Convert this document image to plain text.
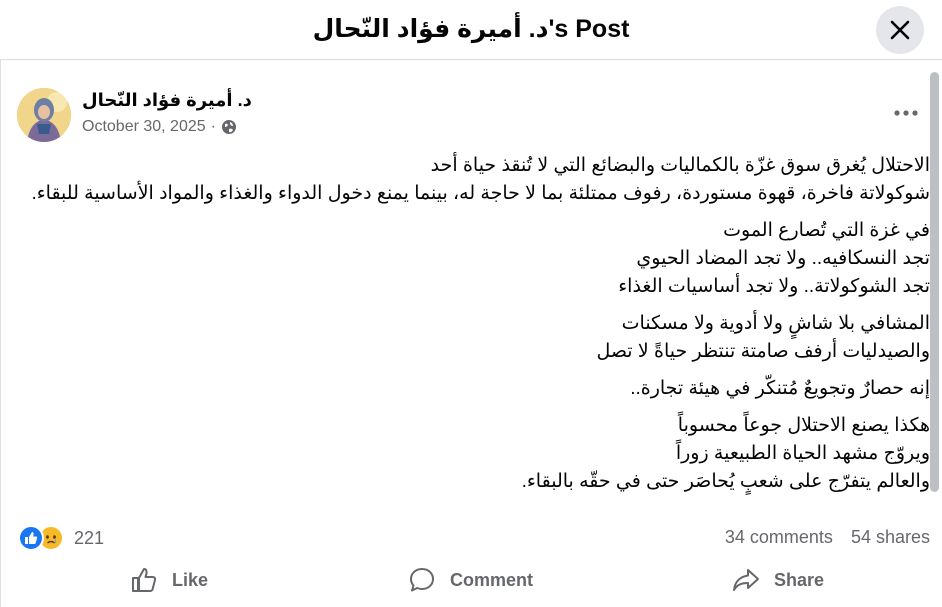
د. أميرة فؤاد النّحال's Post
د. أميرة فؤاد النّحال
October 30, 2025 ·
الاحتلال يُغرق سوق غزّة بالكماليات والبضائع التي لا تُنقذ حياة أحد
شوكولاتة فاخرة، قهوة مستوردة، رفوف ممتلئة بما لا حاجة له، بينما يمنع دخول الدواء والغذاء والمواد الأساسية للبقاء.
في غزة التي تُصارع الموت
تجد النسكافيه.. ولا تجد المضاد الحيوي
تجد الشوكولاتة.. ولا تجد أساسيات الغذاء
المشافي بلا شاشٍ ولا أدوية ولا مسكنات
والصيدليات أرفف صامتة تنتظر حياةً لا تصل
إنه حصارٌ وتجويعٌ مُتنكّر في هيئة تجارة..
هكذا يصنع الاحتلال جوعاً محسوباً
ويروّج مشهد الحياة الطبيعية زوراً
والعالم يتفرّج على شعبٍ يُحاصَر حتى في حقّه بالبقاء.
221	34 comments 54 shares
Like	Comment	Share
